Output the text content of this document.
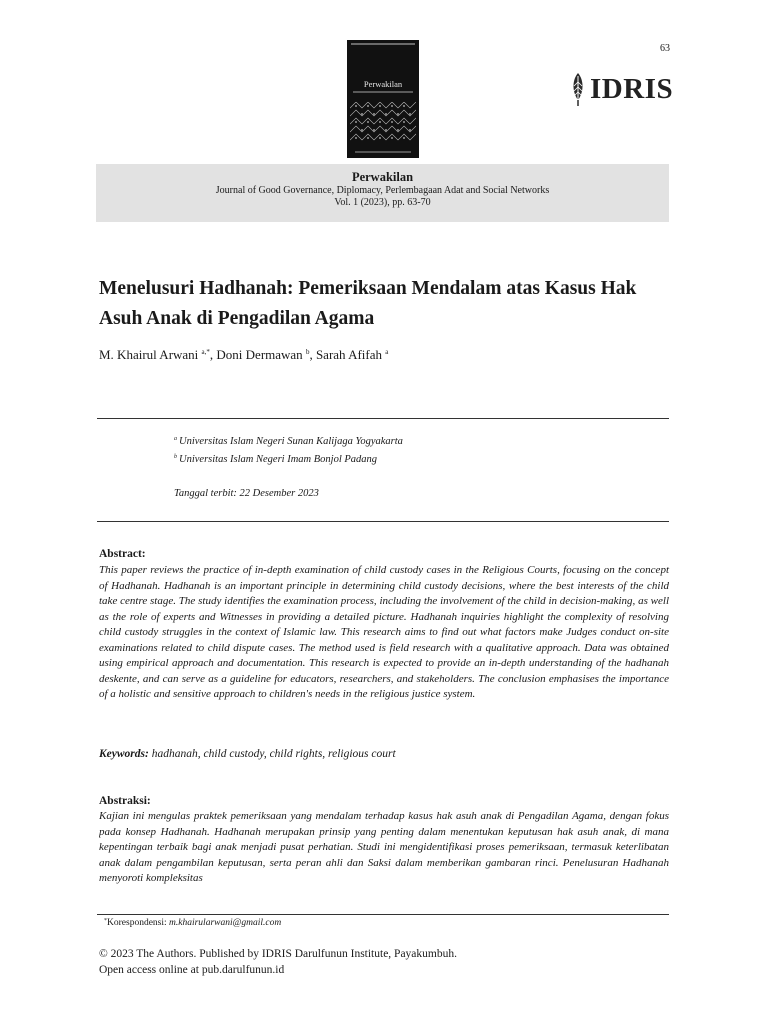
63
Perwakilan	IDRIS
Perwakilan
Journal of Good Governance, Diplomacy, Perlembagaan Adat and Social Networks
Vol. 1 (2023), pp. 63-70
Menelusuri Hadhanah: Pemeriksaan Mendalam atas Kasus Hak Asuh Anak di Pengadilan Agama
M. Khairul Arwani $^{a,*}$, Doni Dermawan $^b$, Sarah Afifah $^a$
$^a$ Universitas Islam Negeri Sunan Kalijaga Yogyakarta
$^b$ Universitas Islam Negeri Imam Bonjol Padang
Tanggal terbit: 22 Desember 2023
Abstract:

This paper reviews the practice of in-depth examination of child custody cases in the Religious Courts, focusing on the concept of Hadhanah. Hadhanah is an important principle in determining child custody decisions, where the best interests of the child take centre stage. The study identifies the examination process, including the involvement of the child in decision-making, as well as the role of experts and Witnesses in providing a detailed picture. Hadhanah inquiries highlight the complexity of resolving child custody struggles in the context of Islamic law. This research aims to find out what factors make Judges conduct on-site examinations related to child dispute cases. The method used is field research with a qualitative approach. Data was obtained using empirical approach and documentation. This research is expected to provide an in-depth understanding of the hadhanah deskente, and can serve as a guideline for educators, researchers, and stakeholders. The conclusion emphasises the importance of a holistic and sensitive approach to children's needs in the religious justice system.

Keywords: hadhanah, child custody, child rights, religious court
Abstraksi:

Kajian ini mengulas praktek pemeriksaan yang mendalam terhadap kasus hak asuh anak di Pengadilan Agama, dengan fokus pada konsep Hadhanah. Hadhanah merupakan prinsip yang penting dalam menentukan keputusan hak asuh anak, di mana kepentingan terbaik bagi anak menjadi pusat perhatian. Studi ini mengidentifikasi proses pemeriksaan, termasuk keterlibatan anak dalam pengambilan keputusan, serta peran ahli dan Saksi dalam memberikan gambaran rinci. Penelusuran Hadhanah menyoroti kompleksitas

*Korespondensi: m.khairularwani@gmail.com
© 2023 The Authors. Published by IDRIS Darulfunun Institute, Payakumbuh.
Open access online at pub.darulfunun.id
